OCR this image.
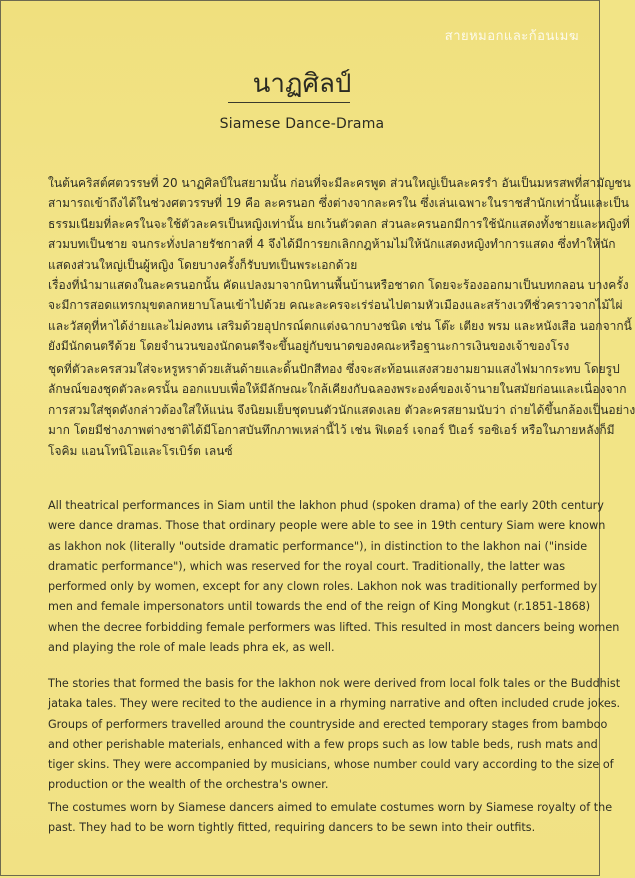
สายหมอกและก้อนเมฆ
นาฏศิลป์
Siamese Dance-Drama
ในต้นคริสต์ศตวรรษที่ 20 นาฏศิลป์ในสยามนั้น ก่อนที่จะมีละครพูด ส่วนใหญ่เป็นละครรำ อันเป็นมหรสพที่สามัญชน
สามารถเข้าถึงได้ในช่วงศตวรรษที่ 19 คือ ละครนอก ซึ่งต่างจากละครใน ซึ่งเล่นเฉพาะในราชสำนักเท่านั้นและเป็น
ธรรมเนียมที่ละครในจะใช้ตัวละครเป็นหญิงเท่านั้น ยกเว้นตัวตลก ส่วนละครนอกมีการใช้นักแสดงทั้งชายและหญิงที่
สวมบทเป็นชาย จนกระทั่งปลายรัชกาลที่ 4 จึงได้มีการยกเลิกกฎห้ามไม่ให้นักแสดงหญิงทำการแสดง ซึ่งทำให้นัก
แสดงส่วนใหญ่เป็นผู้หญิง โดยบางครั้งก็รับบทเป็นพระเอกด้วย
เรื่องที่นำมาแสดงในละครนอกนั้น คัดแปลงมาจากนิทานพื้นบ้านหรือชาดก โดยจะร้องออกมาเป็นบทกลอน บางครั้ง
จะมีการสอดแทรกมุขตลกหยาบโลนเข้าไปด้วย คณะละครจะเร่ร่อนไปตามหัวเมืองและสร้างเวทีชั่วคราวจากไม้ไผ่
และวัสดุที่หาได้ง่ายและไม่คงทน เสริมด้วยอุปกรณ์ตกแต่งฉากบางชนิด เช่น โต๊ะ เตียง พรม และหนังเสือ นอกจากนี้
ยังมีนักดนตรีด้วย โดยจำนวนของนักดนตรีจะขึ้นอยู่กับขนาดของคณะหรือฐานะการเงินของเจ้าของโรง
ชุดที่ตัวละครสวมใส่จะหรูหราด้วยเส้นด้ายและดิ้นปักสีทอง ซึ่งจะสะท้อนแสงสวยงามยามแสงไฟมากระทบ โดยรูป
ลักษณ์ของชุดตัวละครนั้น ออกแบบเพื่อให้มีลักษณะใกล้เคียงกับฉลองพระองค์ของเจ้านายในสมัยก่อนและเนื่องจาก
การสวมใส่ชุดดังกล่าวต้องใส่ให้แน่น จึงนิยมเย็บชุดบนตัวนักแสดงเลย ตัวละครสยามนับว่า ถ่ายได้ขึ้นกล้องเป็นอย่าง
มาก โดยมีช่างภาพต่างชาติได้มีโอกาสบันทึกภาพเหล่านี้ไว้ เช่น ฟิเดอร์ เจกอร์ ปีเอร์ รอซิเอร์ หรือในภายหลังก็มี
โจคิม แอนโทนิโอและโรเบิร์ต เลนซ์
All theatrical performances in Siam until the lakhon phud (spoken drama) of the early 20th century
were dance dramas. Those that ordinary people were able to see in 19th century Siam were known
as lakhon nok (literally "outside dramatic performance"), in distinction to the lakhon nai ("inside
dramatic performance"), which was reserved for the royal court. Traditionally, the latter was
performed only by women, except for any clown roles. Lakhon nok was traditionally performed by
men and female impersonators until towards the end of the reign of King Mongkut (r.1851-1868)
when the decree forbidding female performers was lifted. This resulted in most dancers being women
and playing the role of male leads phra ek, as well.
The stories that formed the basis for the lakhon nok were derived from local folk tales or the Buddhist
jataka tales. They were recited to the audience in a rhyming narrative and often included crude jokes.
Groups of performers travelled around the countryside and erected temporary stages from bamboo
and other perishable materials, enhanced with a few props such as low table beds, rush mats and
tiger skins. They were accompanied by musicians, whose number could vary according to the size of
production or the wealth of the orchestra's owner.
The costumes worn by Siamese dancers aimed to emulate costumes worn by Siamese royalty of the
past. They had to be worn tightly fitted, requiring dancers to be sewn into their outfits.
